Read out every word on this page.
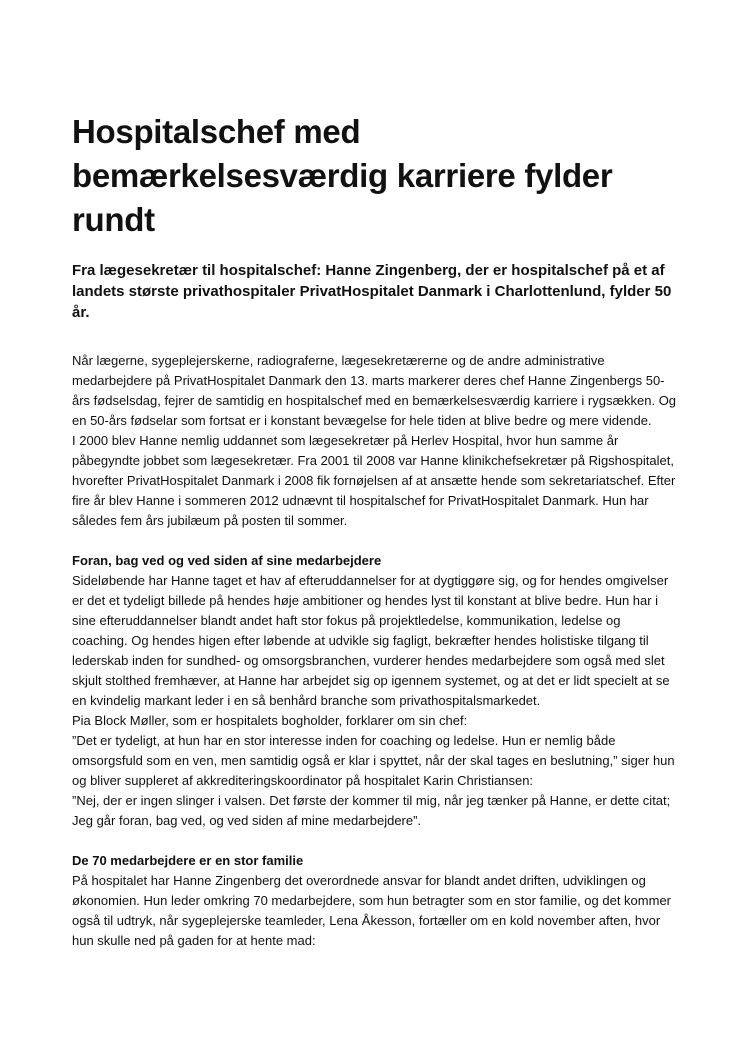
Hospitalschef med bemærkelsesværdig karriere fylder rundt

Fra lægesekretær til hospitalschef: Hanne Zingenberg, der er hospitalschef på et af landets største privathospitaler PrivatHospitalet Danmark i Charlottenlund, fylder 50 år.

Når lægerne, sygeplejerskerne, radiograferne, lægesekretærerne og de andre administrative medarbejdere på PrivatHospitalet Danmark den 13. marts markerer deres chef Hanne Zingenbergs 50-års fødselsdag, fejrer de samtidig en hospitalschef med en bemærkelsesværdig karriere i rygsækken. Og en 50-års fødselar som fortsat er i konstant bevægelse for hele tiden at blive bedre og mere vidende.

I 2000 blev Hanne nemlig uddannet som lægesekretær på Herlev Hospital, hvor hun samme år påbegyndte jobbet som lægesekretær. Fra 2001 til 2008 var Hanne klinikchefsekretær på Rigshospitalet, hvorefter PrivatHospitalet Danmark i 2008 fik fornøjelsen af at ansætte hende som sekretariatschef. Efter fire år blev Hanne i sommeren 2012 udnævnt til hospitalschef for PrivatHospitalet Danmark. Hun har således fem års jubilæum på posten til sommer.

Foran, bag ved og ved siden af sine medarbejdere

Sideløbende har Hanne taget et hav af efteruddannelser for at dygtiggøre sig, og for hendes omgivelser er det et tydeligt billede på hendes høje ambitioner og hendes lyst til konstant at blive bedre. Hun har i sine efteruddannelser blandt andet haft stor fokus på projektledelse, kommunikation, ledelse og coaching. Og hendes higen efter løbende at udvikle sig fagligt, bekræfter hendes holistiske tilgang til lederskab inden for sundhed- og omsorgsbranchen, vurderer hendes medarbejdere som også med slet skjult stolthed fremhæver, at Hanne har arbejdet sig op igennem systemet, og at det er lidt specielt at se en kvindelig markant leder i en så benhård branche som privathospitalsmarkedet.

Pia Block Møller, som er hospitalets bogholder, forklarer om sin chef:

”Det er tydeligt, at hun har en stor interesse inden for coaching og ledelse. Hun er nemlig både omsorgsfuld som en ven, men samtidig også er klar i spyttet, når der skal tages en beslutning,” siger hun og bliver suppleret af akkrediteringskoordinator på hospitalet Karin Christiansen:

”Nej, der er ingen slinger i valsen. Det første der kommer til mig, når jeg tænker på Hanne, er dette citat; Jeg går foran, bag ved, og ved siden af mine medarbejdere”.

De 70 medarbejdere er en stor familie

På hospitalet har Hanne Zingenberg det overordnede ansvar for blandt andet driften, udviklingen og økonomien. Hun leder omkring 70 medarbejdere, som hun betragter som en stor familie, og det kommer også til udtryk, når sygeplejerske teamleder, Lena Åkesson, fortæller om en kold november aften, hvor hun skulle ned på gaden for at hente mad:
